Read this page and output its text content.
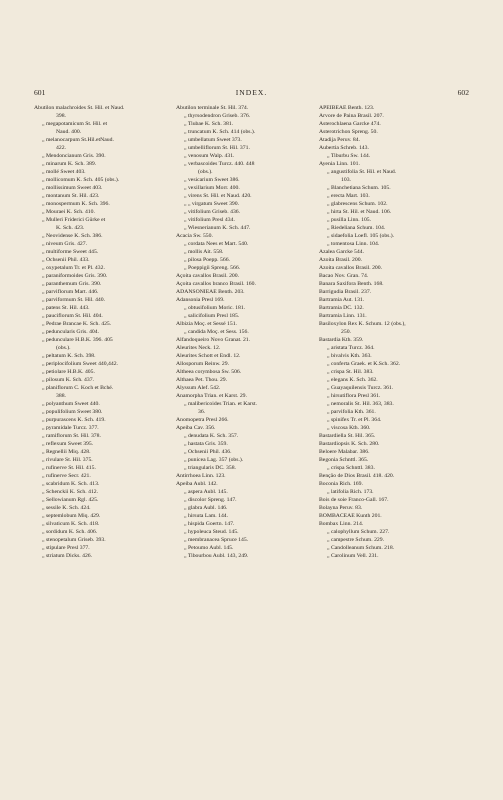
601	INDEX.	602
Abutilon malachroides St. Hil. et Naud.
398.
„ megapotamicum St. Hil. et
Naud. 400.
„ melanocarpum St.Hil.etNaud.
422.
„ Mendoncianum Gris. 390.
„ minarum K. Sch. 389.
„ mollé Sweet 403.
„ mollicomum K. Sch. 405 (obs.).
„ mollissimum Sweet 403.
„ montanum St. Hil. 423.
„ monospermum K. Sch. 396.
„ Mouraei K. Sch. 410.
„ Mulleri Friderici Gürke et
K. Sch. 423.
„ Neovidense K. Sch. 386.
„ niveum Gris. 427.
„ multiforme Sweet 445.
„ Ochsenii Phil. 433.
„ oxypetalum Tr. et Pl. 432.
„ paraniformoides Gris. 390.
„ paranthemum Gris. 390.
„ parviflorum Mart. 446.
„ parviformum St. Hil. 440.
„ patens St. Hil. 443.
„ pauciflorum St. Hil. 404.
„ Pedrae Brancae K. Sch. 425.
„ peduncularis Gris. 404.
„ pedunculare H.B.K. 396. 405
(obs.).
„ peltatum K. Sch. 398.
„ periplocifolium Sweet 440,442.
„ petiolare H.B.K. 405.
„ pilosum K. Sch. 437.
„ planiflorum C. Koch et Bché.
388.
„ polyanthum Sweet 440.
„ populifolium Sweet 380.
„ purpurascens K. Sch. 419.
„ pyramidale Turcz. 377.
„ ramiflorum St. Hil. 378.
„ reflexum Sweet 395.
„ Regnellii Miq. 428.
„ rivulare St. Hil. 375.
„ rufinerve St. Hil. 415.
„ rufinerve Secr. 421.
„ scabridum K. Sch. 413.
„ Schenckii K. Sch. 412.
„ Sellowianum Rgl. 425.
„ sessile K. Sch. 424.
„ septemlobum Miq. 429.
„ silvaticum K. Sch. 418.
„ sordidum K. Sch. 406.
„ stenopetalum Griseb. 393.
„ stipulare Presl 377.
„ striatum Dicks. 426.
Abutilon terminale St. Hil. 374.
„ thyrsodendron Griseb. 376.
„ Tiubae K. Sch. 381.
„ truncatum K. Sch. 414 (obs.).
„ umbellatum Sweet 373.
„ umbelliflorum St. Hil. 371.
„ venosum Walp. 431.
„ verbascoides Turcz. 440. 448
(obs.).
„ vesicarium Sweet 386.
„ vexillarium Morr. 400.
„ virens St. Hil. et Naud. 420.
„ „ virgatum Sweet 390.
„ vitifolium Griseb. 436.
„ vitifolium Presl 434.
„ Wiesnerianum K. Sch. 447.
Acacia Sw. 550.
„ cordata Nees et Mart. 540.
„ mollis Ait. 558.
„ pilosa Poepp. 566.
„ Poeppigii Spreng. 566.
Açoita cavallos Brasil. 200.
Açoita cavallos branco Brasil. 160.
ADANSONIEAE Benth. 203.
Adansonia Presl 169.
„ obtusifolium Moric. 181.
„ salicifolium Presl 185.
Albizia Moç. et Sessé 151.
„ candida Moç. et Sess. 156.
Alfandoqueiro Novo Granat. 21.
Aleurites Neck. 12.
Aleurites Schott et Endl. 12.
Allosporum Reinw. 29.
Altheea corymbosa Sw. 506.
Althaea Pet. Thou. 29.
Alyssum Alef. 542.
Anamorpha Trian. et Karst. 29.
„ malibericoides Trian. et Karst.
36.
Anomopetra Presl 266.
Apeiba Cav. 356.
„ denudata K. Sch. 357.
„ hastata Gris. 359.
„ Ochsenii Phil. 436.
„ punicea Lag. 357 (obs.).
„ triangularis DC. 358.
Antirrhoea Linn. 123.
Apeiba Aubl. 142.
„ aspera Aubl. 145.
„ discolor Spreng. 147.
„ glabra Aubl. 146.
„ hirsuta Lam. 144.
„ hispida Goertn. 147.
„ hypoleuca Steud. 145.
„ membranacea Spruce 145.
„ Petoumo Aubl. 145.
„ Tibourbou Aubl. 143, 249.
APEIBEAE Benth. 123.
Arvore de Paina Brasil. 207.
Asterochlaena Garcke 474.
Asterotrichon Spreng. 50.
Atadija Peruv. 84.
Aubertia Schreb. 143.
„ Tiburbu Sw. 144.
Ayenia Linn. 101.
„ angustifolia St. Hil. et Naud.
103.
„ Blanchetiana Schum. 105.
„ erecta Mart. 103.
„ glabrescens Schum. 102.
„ hirta St. Hil. et Naud. 106.
„ pusilla Linn. 105.
„ Riedeliana Schum. 104.
„ sidaefolia Loefl. 105 (obs.).
„ tomentosa Linn. 104.
Azalea Garcke 544.
Azoita Brasil. 200.
Azoita cavallos Brasil. 200.
Bacao Nov. Gran. 74.
Banara Saxifora Benth. 168.
Barrigudia Brasil. 237.
Bartramia Aut. 131.
Bartramia DC. 132.
Bartramia Linn. 131.
Basiloxylon Rex K. Schum. 12 (obs.),
250.
Bastardia Kth. 359.
„ aristata Turcz. 364.
„ bivalvis Kth. 363.
„ conferta Graek. et K.Sch. 362.
„ crispa St. Hil. 383.
„ elegans K. Sch. 362.
„ Guayaquilensis Turcz. 361.
„ hirsutiflora Presl 361.
„ nemoralis St. Hil. 363, 383.
„ parvifolia Kth. 361.
„ spinifex Tr. et Pl. 364.
„ viscosa Kth. 360.
Bastardiella St. Hil. 365.
Bastardiopsis K. Sch. 280.
Beloere Malabar. 386.
Begonia Schnttl. 365.
„ crispa Schnttl. 383.
Bençâo de Dios Brasil. 418. 420.
Boconia Rich. 169.
„ latifolia Rich. 173.
Bois de soie Franco-Gall. 167.
Bolayna Peruv. 83.
BOMBACEAE Kunth 201.
Bombax Linn. 214.
„ calophyllum Schum. 227.
„ campestre Schum. 229.
„ Candolleanum Schum. 218.
„ Carolinum Vell. 231.
